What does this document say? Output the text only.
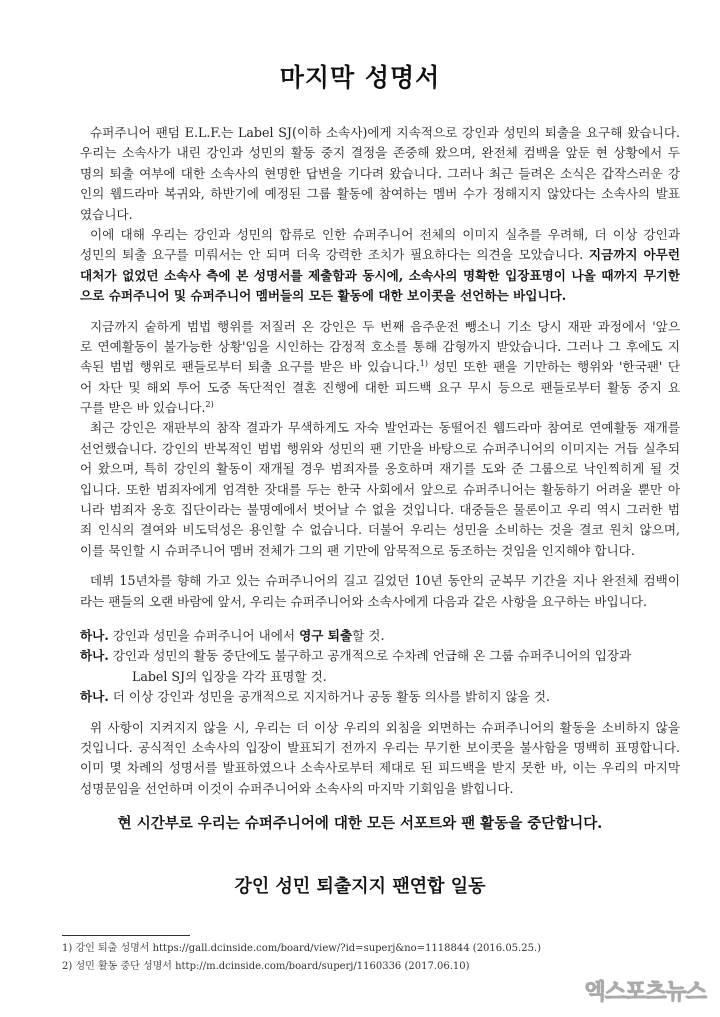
마지막 성명서
슈퍼주니어 팬덤 E.L.F.는 Label SJ(이하 소속사)에게 지속적으로 강인과 성민의 퇴출을 요구해 왔습니다.
우리는 소속사가 내린 강인과 성민의 활동 중지 결정을 존중해 왔으며, 완전체 컴백을 앞둔 현 상황에서 두
명의 퇴출 여부에 대한 소속사의 현명한 답변을 기다려 왔습니다. 그러나 최근 들려온 소식은 갑작스러운 강
인의 웹드라마 복귀와, 하반기에 예정된 그룹 활동에 참여하는 멤버 수가 정해지지 않았다는 소속사의 발표
였습니다.
이에 대해 우리는 강인과 성민의 합류로 인한 슈퍼주니어 전체의 이미지 실추를 우려해, 더 이상 강인과
성민의 퇴출 요구를 미뤄서는 안 되며 더욱 강력한 조치가 필요하다는 의견을 모았습니다. 지금까지 아무런
대처가 없었던 소속사 측에 본 성명서를 제출함과 동시에, 소속사의 명확한 입장표명이 나올 때까지 무기한
으로 슈퍼주니어 및 슈퍼주니어 멤버들의 모든 활동에 대한 보이콧을 선언하는 바입니다.
지금까지 숱하게 범법 행위를 저질러 온 강인은 두 번째 음주운전 뺑소니 기소 당시 재판 과정에서 '앞으
로 연예활동이 불가능한 상황'임을 시인하는 감정적 호소를 통해 감형까지 받았습니다. 그러나 그 후에도 지
속된 범법 행위로 팬들로부터 퇴출 요구를 받은 바 있습니다.$^{1)}$ 성민 또한 팬을 기만하는 행위와 '한국팬' 단
어 차단 및 해외 투어 도중 독단적인 결혼 진행에 대한 피드백 요구 무시 등으로 팬들로부터 활동 중지 요
구를 받은 바 있습니다.$^{2)}$
최근 강인은 재판부의 참작 결과가 무색하게도 자숙 발언과는 동떨어진 웹드라마 참여로 연예활동 재개를
선언했습니다. 강인의 반복적인 범법 행위와 성민의 팬 기만을 바탕으로 슈퍼주니어의 이미지는 거듭 실추되
어 왔으며, 특히 강인의 활동이 재개될 경우 범죄자를 옹호하며 재기를 도와 준 그룹으로 낙인찍히게 될 것
입니다. 또한 범죄자에게 엄격한 잣대를 두는 한국 사회에서 앞으로 슈퍼주니어는 활동하기 어려울 뿐만 아
니라 범죄자 옹호 집단이라는 불명예에서 벗어날 수 없을 것입니다. 대중들은 물론이고 우리 역시 그러한 범
죄 인식의 결여와 비도덕성은 용인할 수 없습니다. 더불어 우리는 성민을 소비하는 것을 결코 원치 않으며,
이를 묵인할 시 슈퍼주니어 멤버 전체가 그의 팬 기만에 암묵적으로 동조하는 것임을 인지해야 합니다.
데뷔 15년차를 향해 가고 있는 슈퍼주니어의 길고 길었던 10년 동안의 군복무 기간을 지나 완전체 컴백이
라는 팬들의 오랜 바람에 앞서, 우리는 슈퍼주니어와 소속사에게 다음과 같은 사항을 요구하는 바입니다.
하나. 강인과 성민을 슈퍼주니어 내에서 영구 퇴출할 것.
하나. 강인과 성민의 활동 중단에도 불구하고 공개적으로 수차례 언급해 온 그룹 슈퍼주니어의 입장과
Label SJ의 입장을 각각 표명할 것.
하나. 더 이상 강인과 성민을 공개적으로 지지하거나 공동 활동 의사를 밝히지 않을 것.
위 사항이 지켜지지 않을 시, 우리는 더 이상 우리의 외침을 외면하는 슈퍼주니어의 활동을 소비하지 않을
것입니다. 공식적인 소속사의 입장이 발표되기 전까지 우리는 무기한 보이콧을 불사함을 명백히 표명합니다.
이미 몇 차례의 성명서를 발표하였으나 소속사로부터 제대로 된 피드백을 받지 못한 바, 이는 우리의 마지막
성명문임을 선언하며 이것이 슈퍼주니어와 소속사의 마지막 기회임을 밝힙니다.
현 시간부로 우리는 슈퍼주니어에 대한 모든 서포트와 팬 활동을 중단합니다.
강인 성민 퇴출지지 팬연합 일동
1) 강인 퇴출 성명서 https://gall.dcinside.com/board/view/?id=superj&no=1118844 (2016.05.25.)
2) 성민 활동 중단 성명서 http://m.dcinside.com/board/superj/1160336 (2017.06.10)
엑스포츠뉴스
